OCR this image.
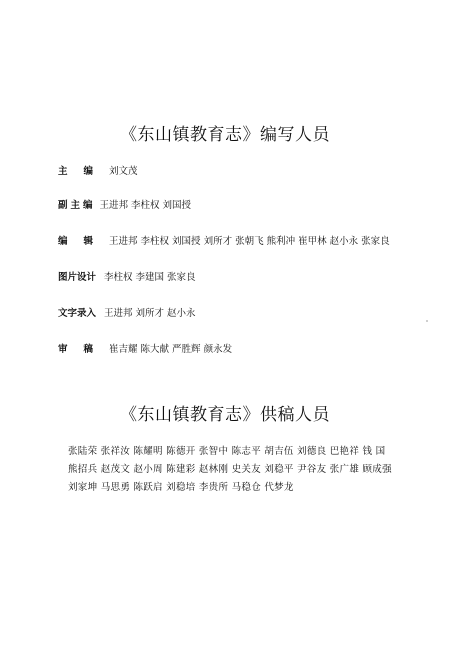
《东山镇教育志》编写人员
主编刘文茂
副主编 王进邦 李柱权 刘国授
编辑王进邦 李柱权 刘国授 刘所才 张朝飞 熊利冲 崔甲林 赵小永 张家良
图片设计 李柱权 李建国 张家良
文字录入 王进邦 刘所才 赵小永
审稿崔吉耀 陈大献 严胜辉 颜永发
《东山镇教育志》供稿人员
张陆荣 张祥汝 陈耀明 陈德开 张智中 陈志平 胡吉伍 刘德良 巴艳祥 钱 国
熊招兵 赵茂文 赵小周 陈建彩 赵林刚 史关友 刘稳平 尹谷友 张广雄 顾成强
刘家坤 马思勇 陈跃启 刘稳培 李贵所 马稳仓 代梦龙
